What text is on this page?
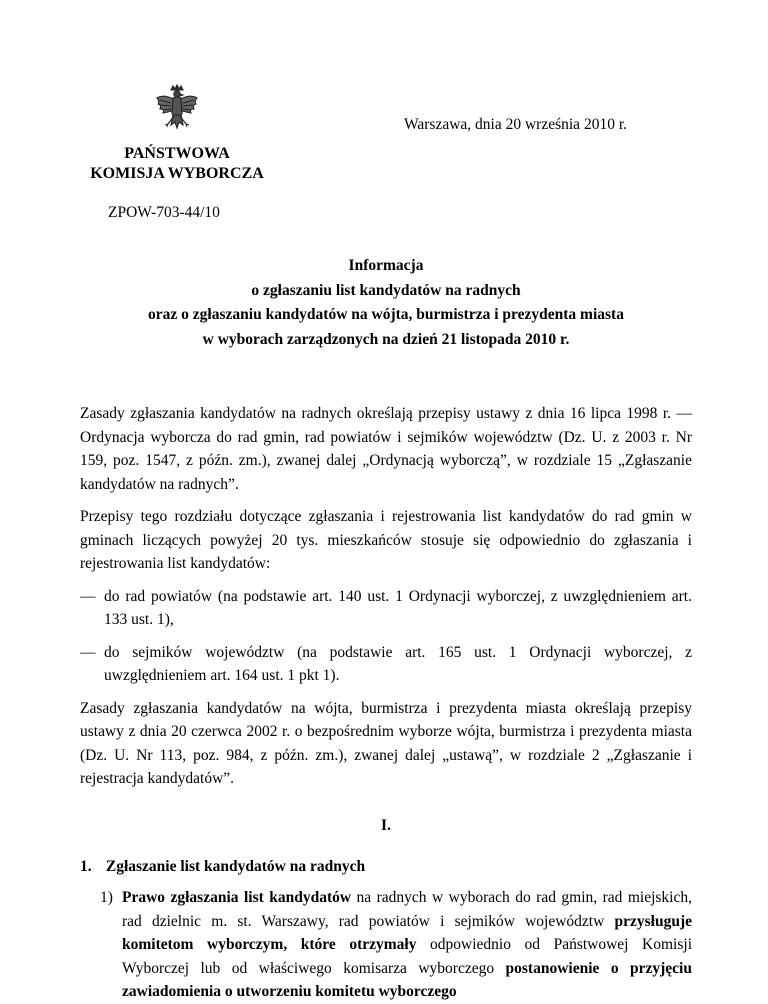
Warszawa, dnia 20 września 2010 r.
PAŃSTWOWA
KOMISJA WYBORCZA
ZPOW-703-44/10
Informacja
o zgłaszaniu list kandydatów na radnych
oraz o zgłaszaniu kandydatów na wójta, burmistrza i prezydenta miasta
w wyborach zarządzonych na dzień 21 listopada 2010 r.

Zasady zgłaszania kandydatów na radnych określają przepisy ustawy z dnia 16 lipca 1998 r. — Ordynacja wyborcza do rad gmin, rad powiatów i sejmików województw (Dz. U. z 2003 r. Nr 159, poz. 1547, z późn. zm.), zwanej dalej „Ordynacją wyborczą”, w rozdziale 15 „Zgłaszanie kandydatów na radnych”.

Przepisy tego rozdziału dotyczące zgłaszania i rejestrowania list kandydatów do rad gmin w gminach liczących powyżej 20 tys. mieszkańców stosuje się odpowiednio do zgłaszania i rejestrowania list kandydatów:

— do rad powiatów (na podstawie art. 140 ust. 1 Ordynacji wyborczej, z uwzględnieniem art. 133 ust. 1),
— do sejmików województw (na podstawie art. 165 ust. 1 Ordynacji wyborczej, z uwzględnieniem art. 164 ust. 1 pkt 1).

Zasady zgłaszania kandydatów na wójta, burmistrza i prezydenta miasta określają przepisy ustawy z dnia 20 czerwca 2002 r. o bezpośrednim wyborze wójta, burmistrza i prezydenta miasta (Dz. U. Nr 113, poz. 984, z późn. zm.), zwanej dalej „ustawą”, w rozdziale 2 „Zgłaszanie i rejestracja kandydatów”.

I.
1. Zgłaszanie list kandydatów na radnych
1) Prawo zgłaszania list kandydatów na radnych w wyborach do rad gmin, rad miejskich, rad dzielnic m. st. Warszawy, rad powiatów i sejmików województw przysługuje komitetom wyborczym, które otrzymały odpowiednio od Państwowej Komisji Wyborczej lub od właściwego komisarza wyborczego postanowienie o przyjęciu zawiadomienia o utworzeniu komitetu wyborczego
